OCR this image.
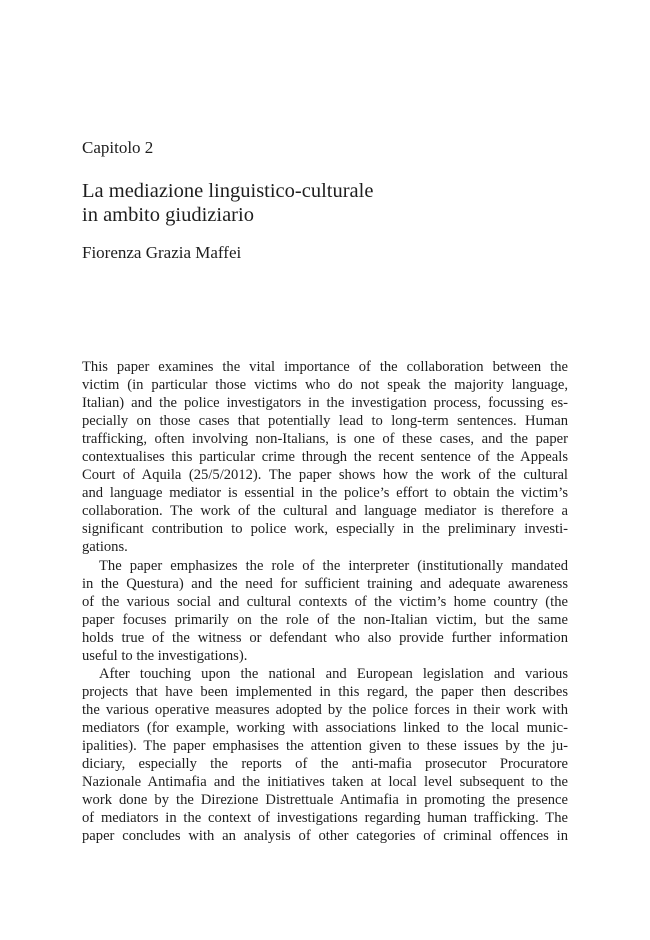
Capitolo 2
La mediazione linguistico-culturale
in ambito giudiziario
Fiorenza Grazia Maffei
This paper examines the vital importance of the collaboration between the
victim (in particular those victims who do not speak the majority language,
Italian) and the police investigators in the investigation process, focussing es-
pecially on those cases that potentially lead to long-term sentences. Human
trafficking, often involving non-Italians, is one of these cases, and the paper
contextualises this particular crime through the recent sentence of the Appeals
Court of Aquila (25/5/2012). The paper shows how the work of the cultural
and language mediator is essential in the police’s effort to obtain the victim’s
collaboration. The work of the cultural and language mediator is therefore a
significant contribution to police work, especially in the preliminary investi-
gations.
The paper emphasizes the role of the interpreter (institutionally mandated
in the Questura) and the need for sufficient training and adequate awareness
of the various social and cultural contexts of the victim’s home country (the
paper focuses primarily on the role of the non-Italian victim, but the same
holds true of the witness or defendant who also provide further information
useful to the investigations).
After touching upon the national and European legislation and various
projects that have been implemented in this regard, the paper then describes
the various operative measures adopted by the police forces in their work with
mediators (for example, working with associations linked to the local munic-
ipalities). The paper emphasises the attention given to these issues by the ju-
diciary, especially the reports of the anti-mafia prosecutor Procuratore
Nazionale Antimafia and the initiatives taken at local level subsequent to the
work done by the Direzione Distrettuale Antimafia in promoting the presence
of mediators in the context of investigations regarding human trafficking. The
paper concludes with an analysis of other categories of criminal offences in
